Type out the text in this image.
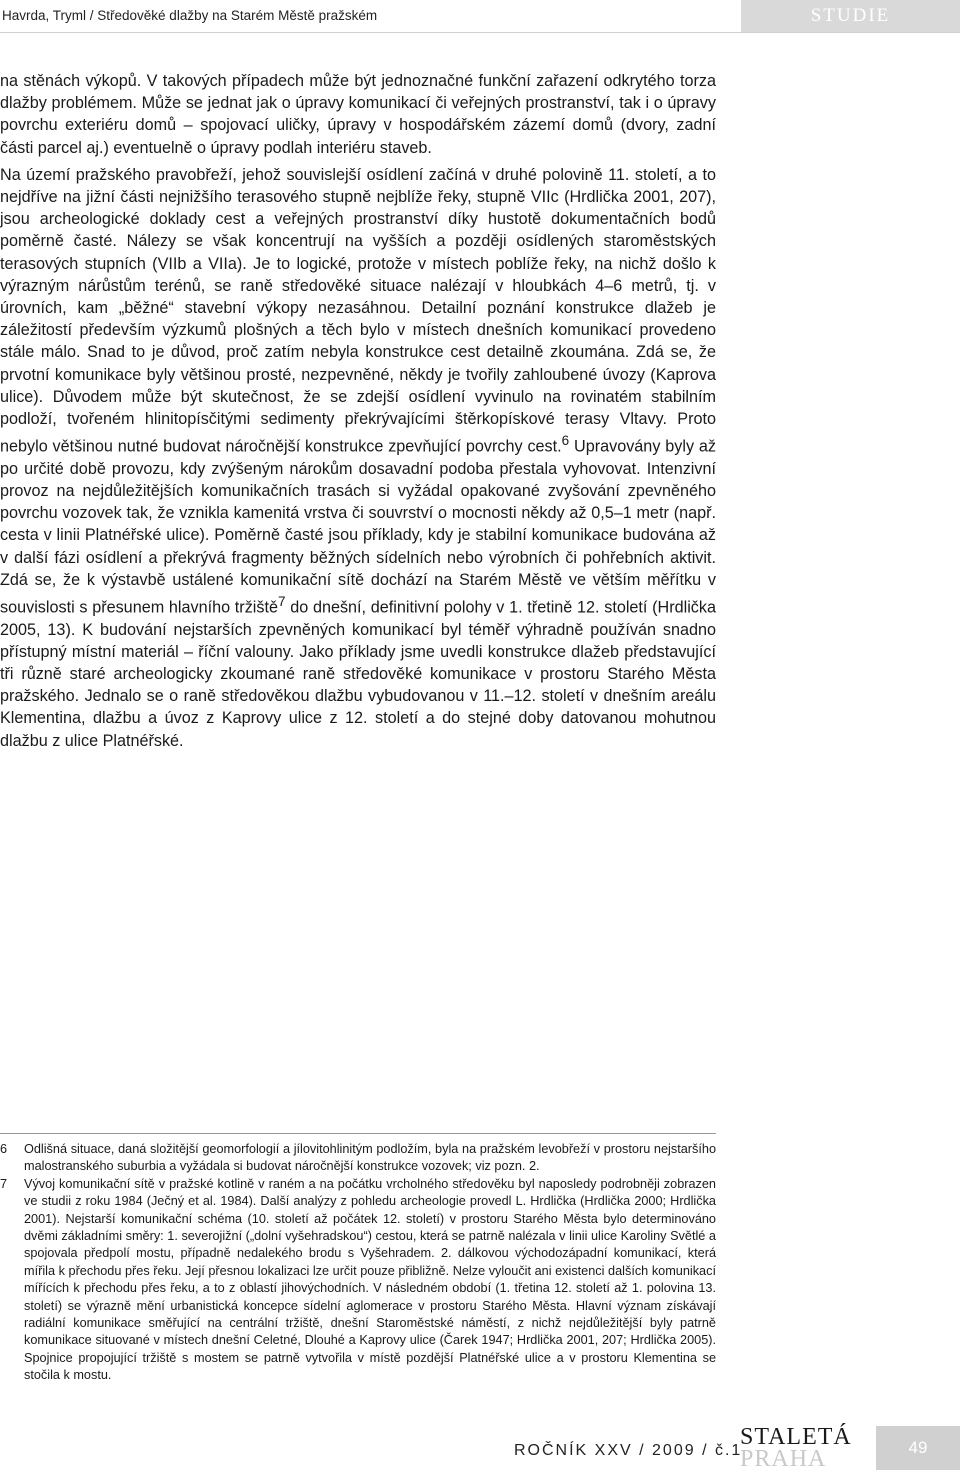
Havrda, Tryml / Středověké dlažby na Starém Městě pražském	STUDIE

na stěnách výkopů. V takových případech může být jednoznačné funkční zařazení odkrytého torza dlažby problémem. Může se jednat jak o úpravy komunikací či veřejných prostranství, tak i o úpravy povrchu exteriéru domů – spojovací uličky, úpravy v hospodářském zázemí domů (dvory, zadní části parcel aj.) eventuelně o úpravy podlah interiéru staveb.

Na území pražského pravobřeží, jehož souvislejší osídlení začíná v druhé polovině 11. století, a to nejdříve na jižní části nejnižšího terasového stupně nejblíže řeky, stupně VIIc (Hrdlička 2001, 207), jsou archeologické doklady cest a veřejných prostranství díky hustotě dokumentačních bodů poměrně časté. Nálezy se však koncentrují na vyšších a později osídlených staroměstských terasových stupních (VIIb a VIIa). Je to logické, protože v místech poblíže řeky, na nichž došlo k výrazným nárůstům terénů, se raně středověké situace nalézají v hloubkách 4–6 metrů, tj. v úrovních, kam „běžné“ stavební výkopy nezasáhnou. Detailní poznání konstrukce dlažeb je záležitostí především výzkumů plošných a těch bylo v místech dnešních komunikací provedeno stále málo. Snad to je důvod, proč zatím nebyla konstrukce cest detailně zkoumána. Zdá se, že prvotní komunikace byly většinou prosté, nezpevněné, někdy je tvořily zahloubené úvozy (Kaprova ulice). Důvodem může být skutečnost, že se zdejší osídlení vyvinulo na rovinatém stabilním podloží, tvořeném hlinitopísčitými sedimenty překrývajícími štěrkopískové terasy Vltavy. Proto nebylo většinou nutné budovat náročnější konstrukce zpevňující povrchy cest.$^6$ Upravovány byly až po určité době provozu, kdy zvýšeným nárokům dosavadní podoba přestala vyhovovat. Intenzivní provoz na nejdůležitějších komunikačních trasách si vyžádal opakované zvyšování zpevněného povrchu vozovek tak, že vznikla kamenitá vrstva či souvrství o mocnosti někdy až 0,5–1 metr (např. cesta v linii Platnéřské ulice). Poměrně časté jsou příklady, kdy je stabilní komunikace budována až v další fázi osídlení a překrývá fragmenty běžných sídelních nebo výrobních či pohřebních aktivit. Zdá se, že k výstavbě ustálené komunikační sítě dochází na Starém Městě ve větším měřítku v souvislosti s přesunem hlavního tržiště$^7$ do dnešní, definitivní polohy v 1. třetině 12. století (Hrdlička 2005, 13). K budování nejstarších zpevněných komunikací byl téměř výhradně používán snadno přístupný místní materiál – říční valouny. Jako příklady jsme uvedli konstrukce dlažeb představující tři různě staré archeologicky zkoumané raně středověké komunikace v prostoru Starého Města pražského. Jednalo se o raně středověkou dlažbu vybudovanou v 11.–12. století v dnešním areálu Klementina, dlažbu a úvoz z Kaprovy ulice z 12. století a do stejné doby datovanou mohutnou dlažbu z ulice Platnéřské.

6	Odlišná situace, daná složitější geomorfologií a jílovitohlinitým podložím, byla na pražském levobřeží v prostoru nejstaršího malostranského suburbia a vyžádala si budovat náročnější konstrukce vozovek; viz pozn. 2.
7	Vývoj komunikační sítě v pražské kotlině v raném a na počátku vrcholného středověku byl naposledy podrobněji zobrazen ve studii z roku 1984 (Ječný et al. 1984). Další analýzy z pohledu archeologie provedl L. Hrdlička (Hrdlička 2000; Hrdlička 2001). Nejstarší komunikační schéma (10. století až počátek 12. století) v prostoru Starého Města bylo determinováno dvěmi základními směry: 1. severojižní („dolní vyšehradskou“) cestou, která se patrně nalézala v linii ulice Karoliny Světlé a spojovala předpolí mostu, případně nedalekého brodu s Vyšehradem. 2. dálkovou východozápadní komunikací, která mířila k přechodu přes řeku. Její přesnou lokalizaci lze určit pouze přibližně. Nelze vyloučit ani existenci dalších komunikací mířících k přechodu přes řeku, a to z oblastí jihovýchodních. V následném období (1. třetina 12. století až 1. polovina 13. století) se výrazně mění urbanistická koncepce sídelní aglomerace v prostoru Starého Města. Hlavní význam získávají radiální komunikace směřující na centrální tržiště, dnešní Staroměstské náměstí, z nichž nejdůležitější byly patrně komunikace situované v místech dnešní Celetné, Dlouhé a Kaprovy ulice (Čarek 1947; Hrdlička 2001, 207; Hrdlička 2005). Spojnice propojující tržiště s mostem se patrně vytvořila v místě pozdější Platnéřské ulice a v prostoru Klementina se stočila k mostu.
ROČNÍK XXV / 2009 / č.1
STALETÁ
PRAHA	49
